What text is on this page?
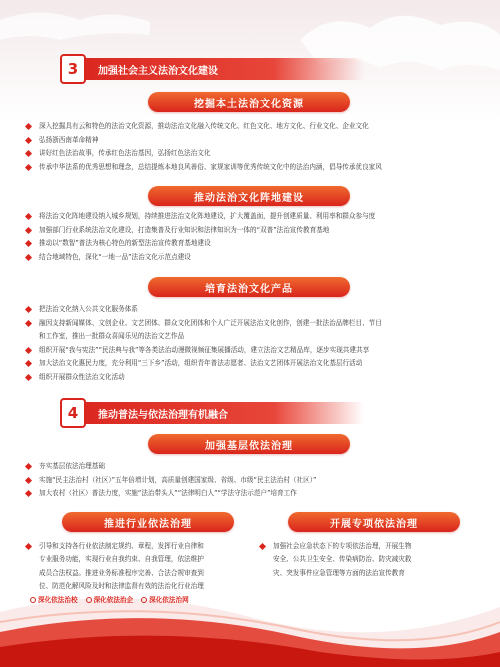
3	加强社会主义法治文化建设
挖掘本土法治文化资源
深入挖掘具有云和特色的法治文化资源，推动法治文化融入传统文化、红色文化、地方文化、行业文化、企业文化
弘扬浙西南革命精神
讲好红色法治故事，传承红色法治基因，弘扬红色法治文化
传承中华法系的优秀思想和理念，总结提炼本地良风善俗、家规家训等优秀传统文化中的法治内涵，倡导传承优良家风
推动法治文化阵地建设
将法治文化阵地建设纳入城乡规划，持续推进法治文化阵地建设，扩大覆盖面，提升创建质量、利用率和群众参与度
加强部门行业系统法治文化建设，打造集普及行业知识和法律知识为一体的“双普”法治宣传教育基地
推动以“数智”普法为核心特色的新型法治宣传教育基地建设
结合地域特色，深化“一地一品”法治文化示范点建设
培育法治文化产品
把法治文化纳入公共文化服务体系
融因支持新闻媒体、文创企业、文艺团体、群众文化团体和个人广泛开展法治文化创作，创建一批法治品牌栏目、节目
和工作室，推出一批群众喜闻乐见的法治文艺作品
组织开展“我与宪法”“民法典与我”等各类法治动漫微视频征集展播活动，建立法治文艺精品库，逐步实现共建共享
加大法治文化惠民力度，充分利用“三下乡”活动，组织青年普法志愿者、法治文艺团体开展法治文化基层行活动
组织开展群众性法治文化活动
4	推动普法与依法治理有机融合
加强基层依法治理
夯实基层依法治理基础
实施“民主法治村（社区）”五年倍增计划，高质量创建国家级、省级、市级“民主法治村（社区）”
加大农村（社区）普法力度，实施“法治带头人”“法律明白人”“学法守法示范户”培育工作
推进行业依法治理	开展专项依法治理

引导和支持各行业依法制定规约、章程，发挥行业自律和

专业服务功能，实现行业自我约束、自我管理，依法维护

成员合法权益。推进业务标准程序完善、合法合规审查到

位、防范化解风险及时和法律监督有效的法治化行业治理

深化依法治校	深化依法治企	深化依法治网

加强社会应急状态下的专项依法治理，开展生物

安全、公共卫生安全、传染病防治、防灾减灾救

灾、突发事件应急管理等方面的法治宣传教育
